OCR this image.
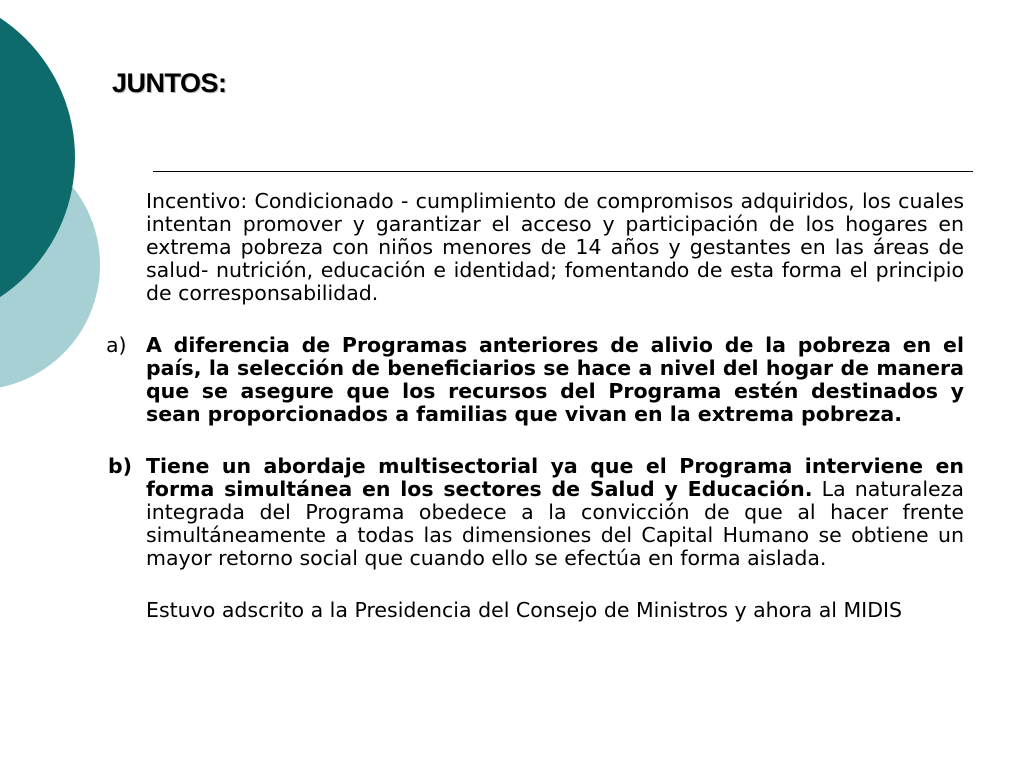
JUNTOS:

Incentivo: Condicionado - cumplimiento de compromisos adquiridos, los cuales intentan promover y garantizar el acceso y participación de los hogares en extrema pobreza con niños menores de 14 años y gestantes en las áreas de salud- nutrición, educación e identidad; fomentando de esta forma el principio de corresponsabilidad.

a) A diferencia de Programas anteriores de alivio de la pobreza en el país, la selección de beneficiarios se hace a nivel del hogar de manera que se asegure que los recursos del Programa estén destinados y sean proporcionados a familias que vivan en la extrema pobreza.

b) Tiene un abordaje multisectorial ya que el Programa interviene en forma simultánea en los sectores de Salud y Educación. La naturaleza integrada del Programa obedece a la convicción de que al hacer frente simultáneamente a todas las dimensiones del Capital Humano se obtiene un mayor retorno social que cuando ello se efectúa en forma aislada.

Estuvo adscrito a la Presidencia del Consejo de Ministros y ahora al MIDIS
